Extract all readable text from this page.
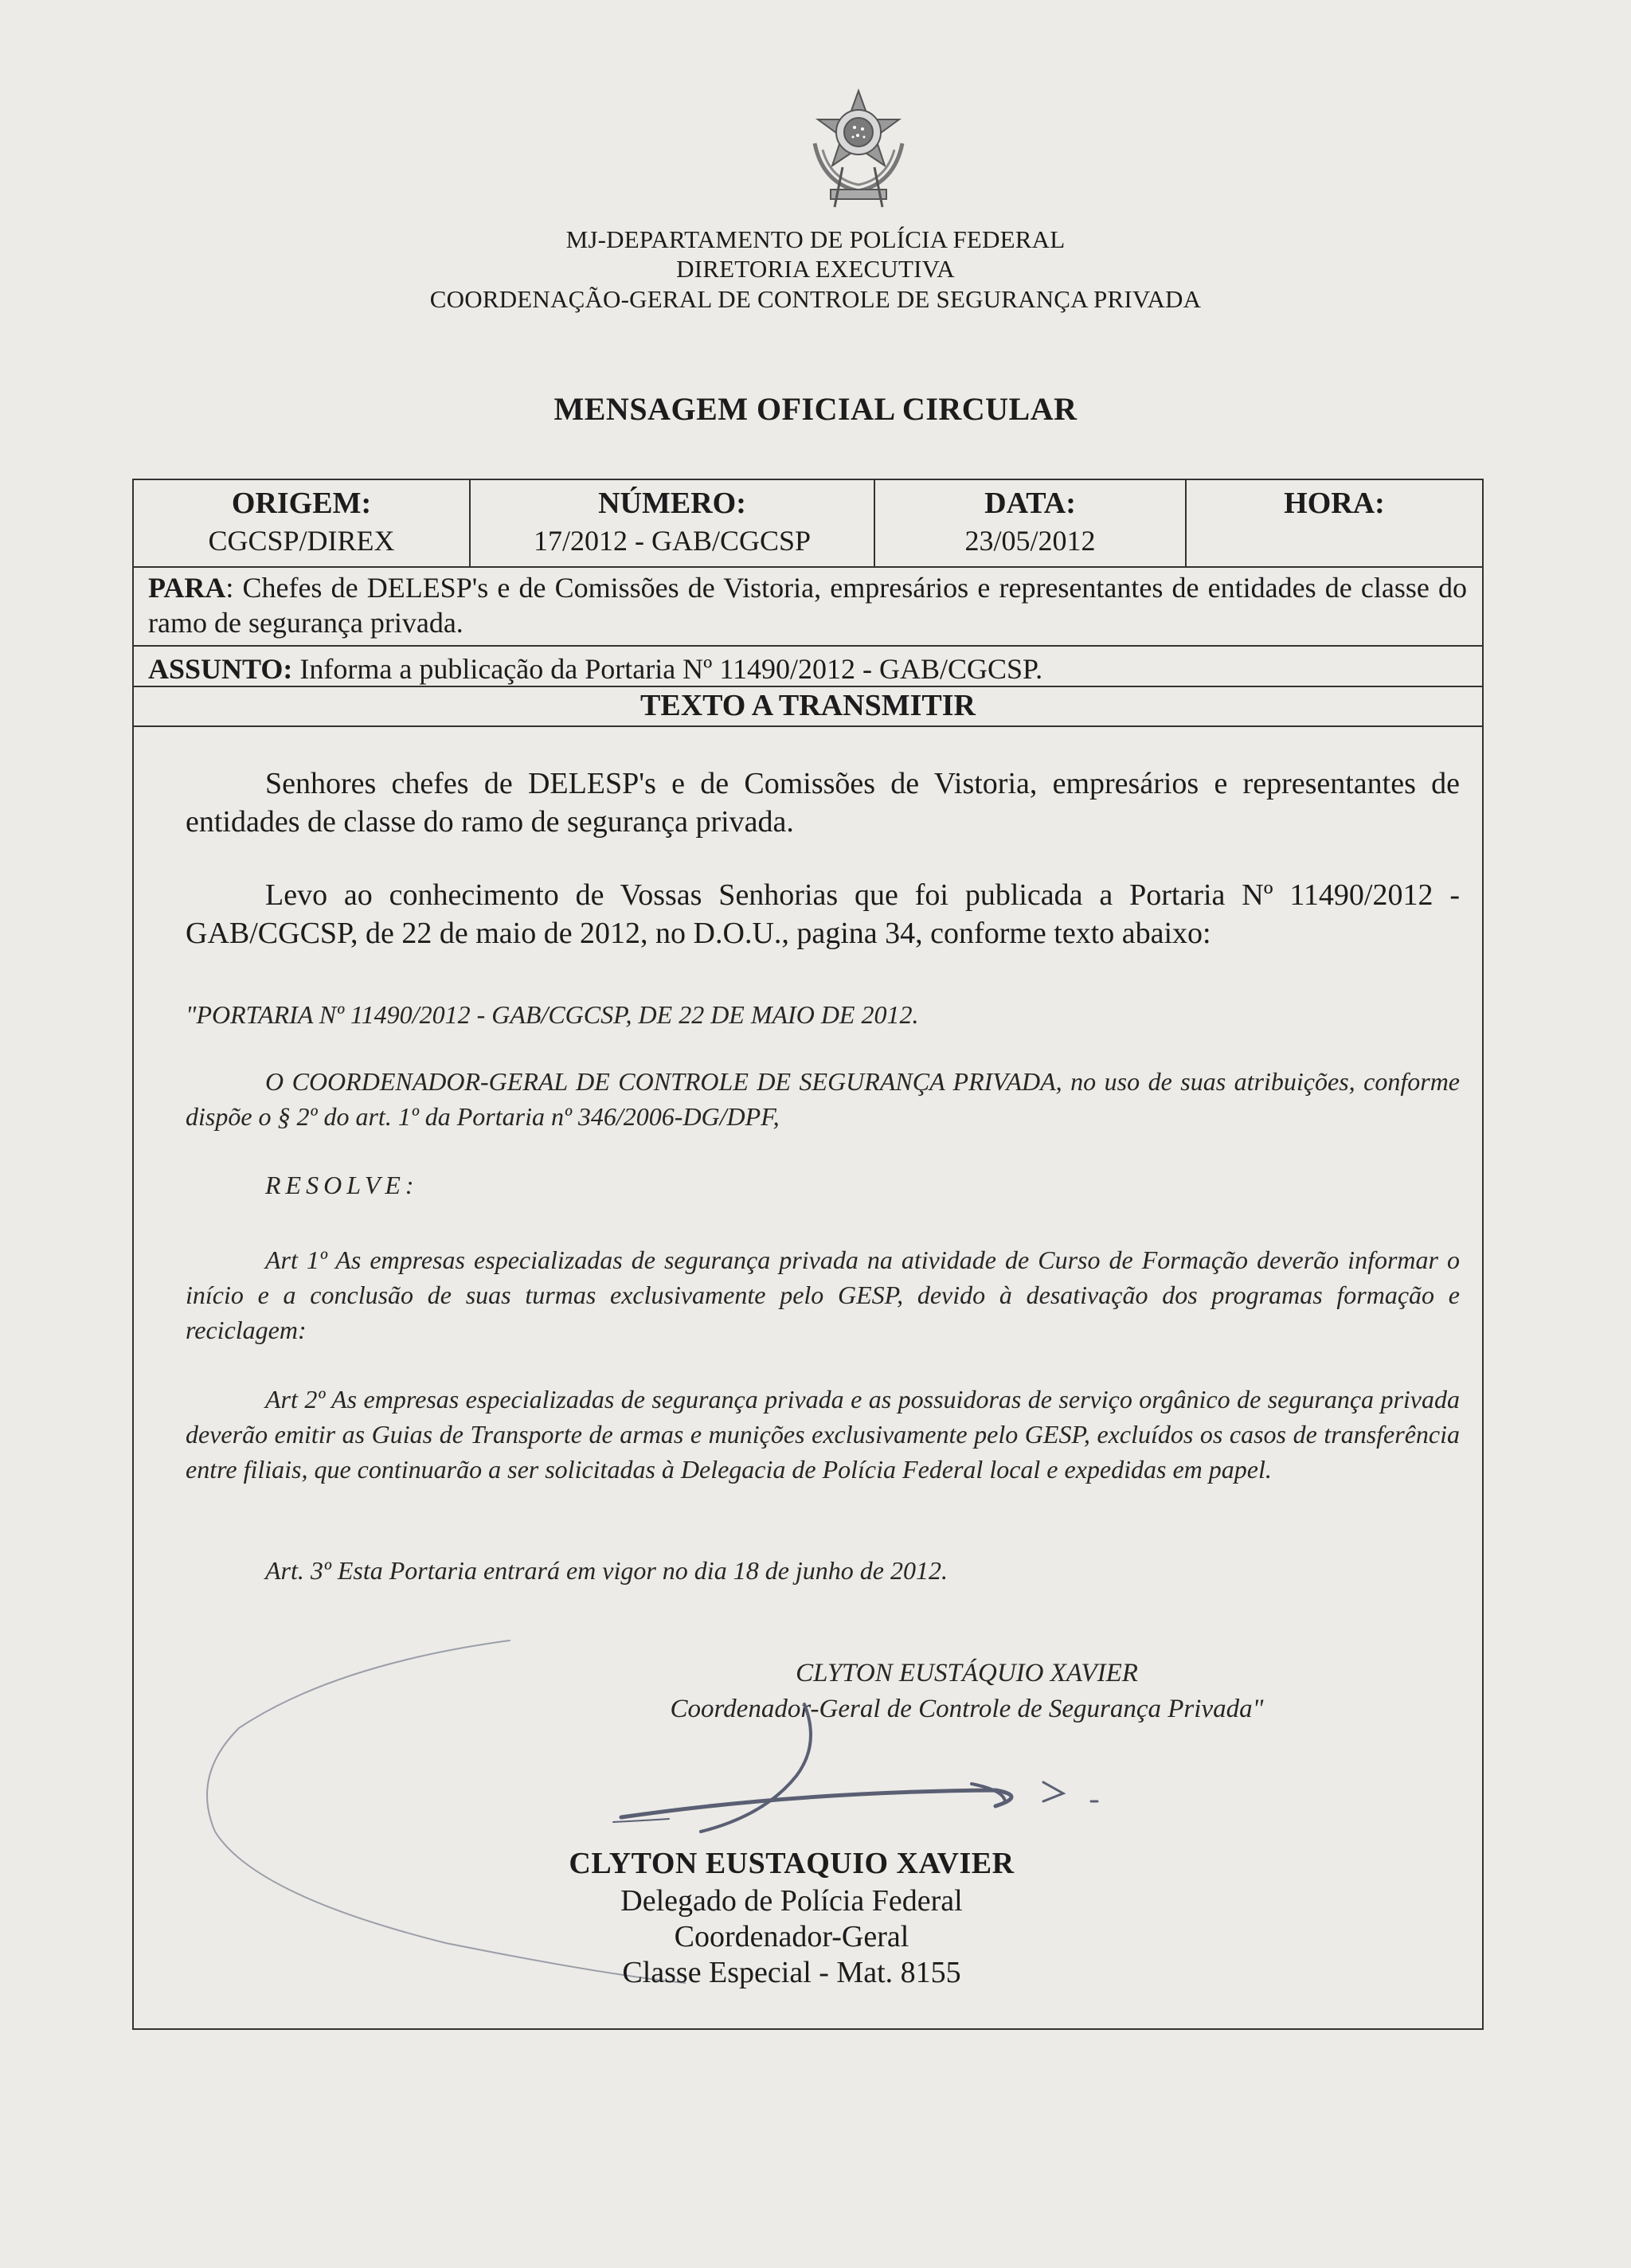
MJ-DEPARTAMENTO DE POLÍCIA FEDERAL
DIRETORIA EXECUTIVA
COORDENAÇÃO-GERAL DE CONTROLE DE SEGURANÇA PRIVADA
MENSAGEM OFICIAL CIRCULAR
ORIGEM:
CGCSP/DIREX
NÚMERO:
17/2012 - GAB/CGCSP
DATA:
23/05/2012
HORA:
PARA: Chefes de DELESP's e de Comissões de Vistoria, empresários e representantes de entidades de classe do ramo de segurança privada.
ASSUNTO: Informa a publicação da Portaria Nº 11490/2012 - GAB/CGCSP.
TEXTO A TRANSMITIR
Senhores chefes de DELESP's e de Comissões de Vistoria, empresários e representantes de entidades de classe do ramo de segurança privada.
Levo ao conhecimento de Vossas Senhorias que foi publicada a Portaria Nº 11490/2012 - GAB/CGCSP, de 22 de maio de 2012, no D.O.U., pagina 34, conforme texto abaixo:
"PORTARIA Nº 11490/2012 - GAB/CGCSP, DE 22 DE MAIO DE 2012.
O COORDENADOR-GERAL DE CONTROLE DE SEGURANÇA PRIVADA, no uso de suas atribuições, conforme dispõe o § 2º do art. 1º da Portaria nº 346/2006-DG/DPF,
RESOLVE:
Art 1º As empresas especializadas de segurança privada na atividade de Curso de Formação deverão informar o início e a conclusão de suas turmas exclusivamente pelo GESP, devido à desativação dos programas formação e reciclagem:
Art 2º As empresas especializadas de segurança privada e as possuidoras de serviço orgânico de segurança privada deverão emitir as Guias de Transporte de armas e munições exclusivamente pelo GESP, excluídos os casos de transferência entre filiais, que continuarão a ser solicitadas à Delegacia de Polícia Federal local e expedidas em papel.
Art. 3º Esta Portaria entrará em vigor no dia 18 de junho de 2012.
CLYTON EUSTÁQUIO XAVIER
Coordenador-Geral de Controle de Segurança Privada"
CLYTON EUSTAQUIO XAVIER
Delegado de Polícia Federal
Coordenador-Geral
Classe Especial - Mat. 8155
